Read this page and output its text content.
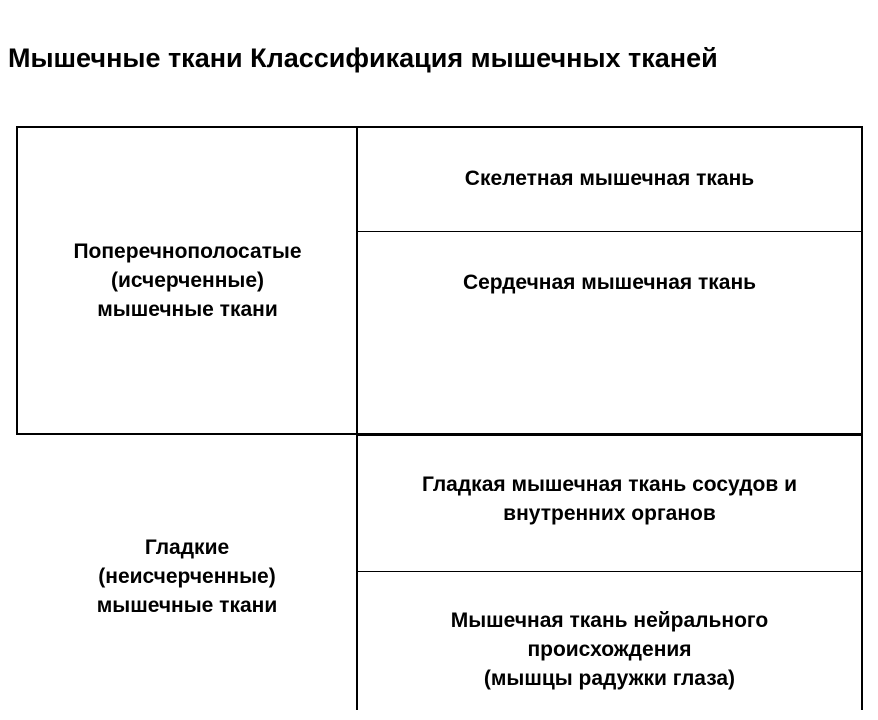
Мышечные ткани Классификация мышечных тканей
Поперечнополосатые
(исчерченные)
мышечные ткани
Скелетная мышечная ткань
Сердечная мышечная ткань
Гладкие
(неисчерченные)
мышечные ткани
Гладкая мышечная ткань сосудов и
внутренних органов
Мышечная ткань нейрального
происхождения
(мышцы радужки глаза)
